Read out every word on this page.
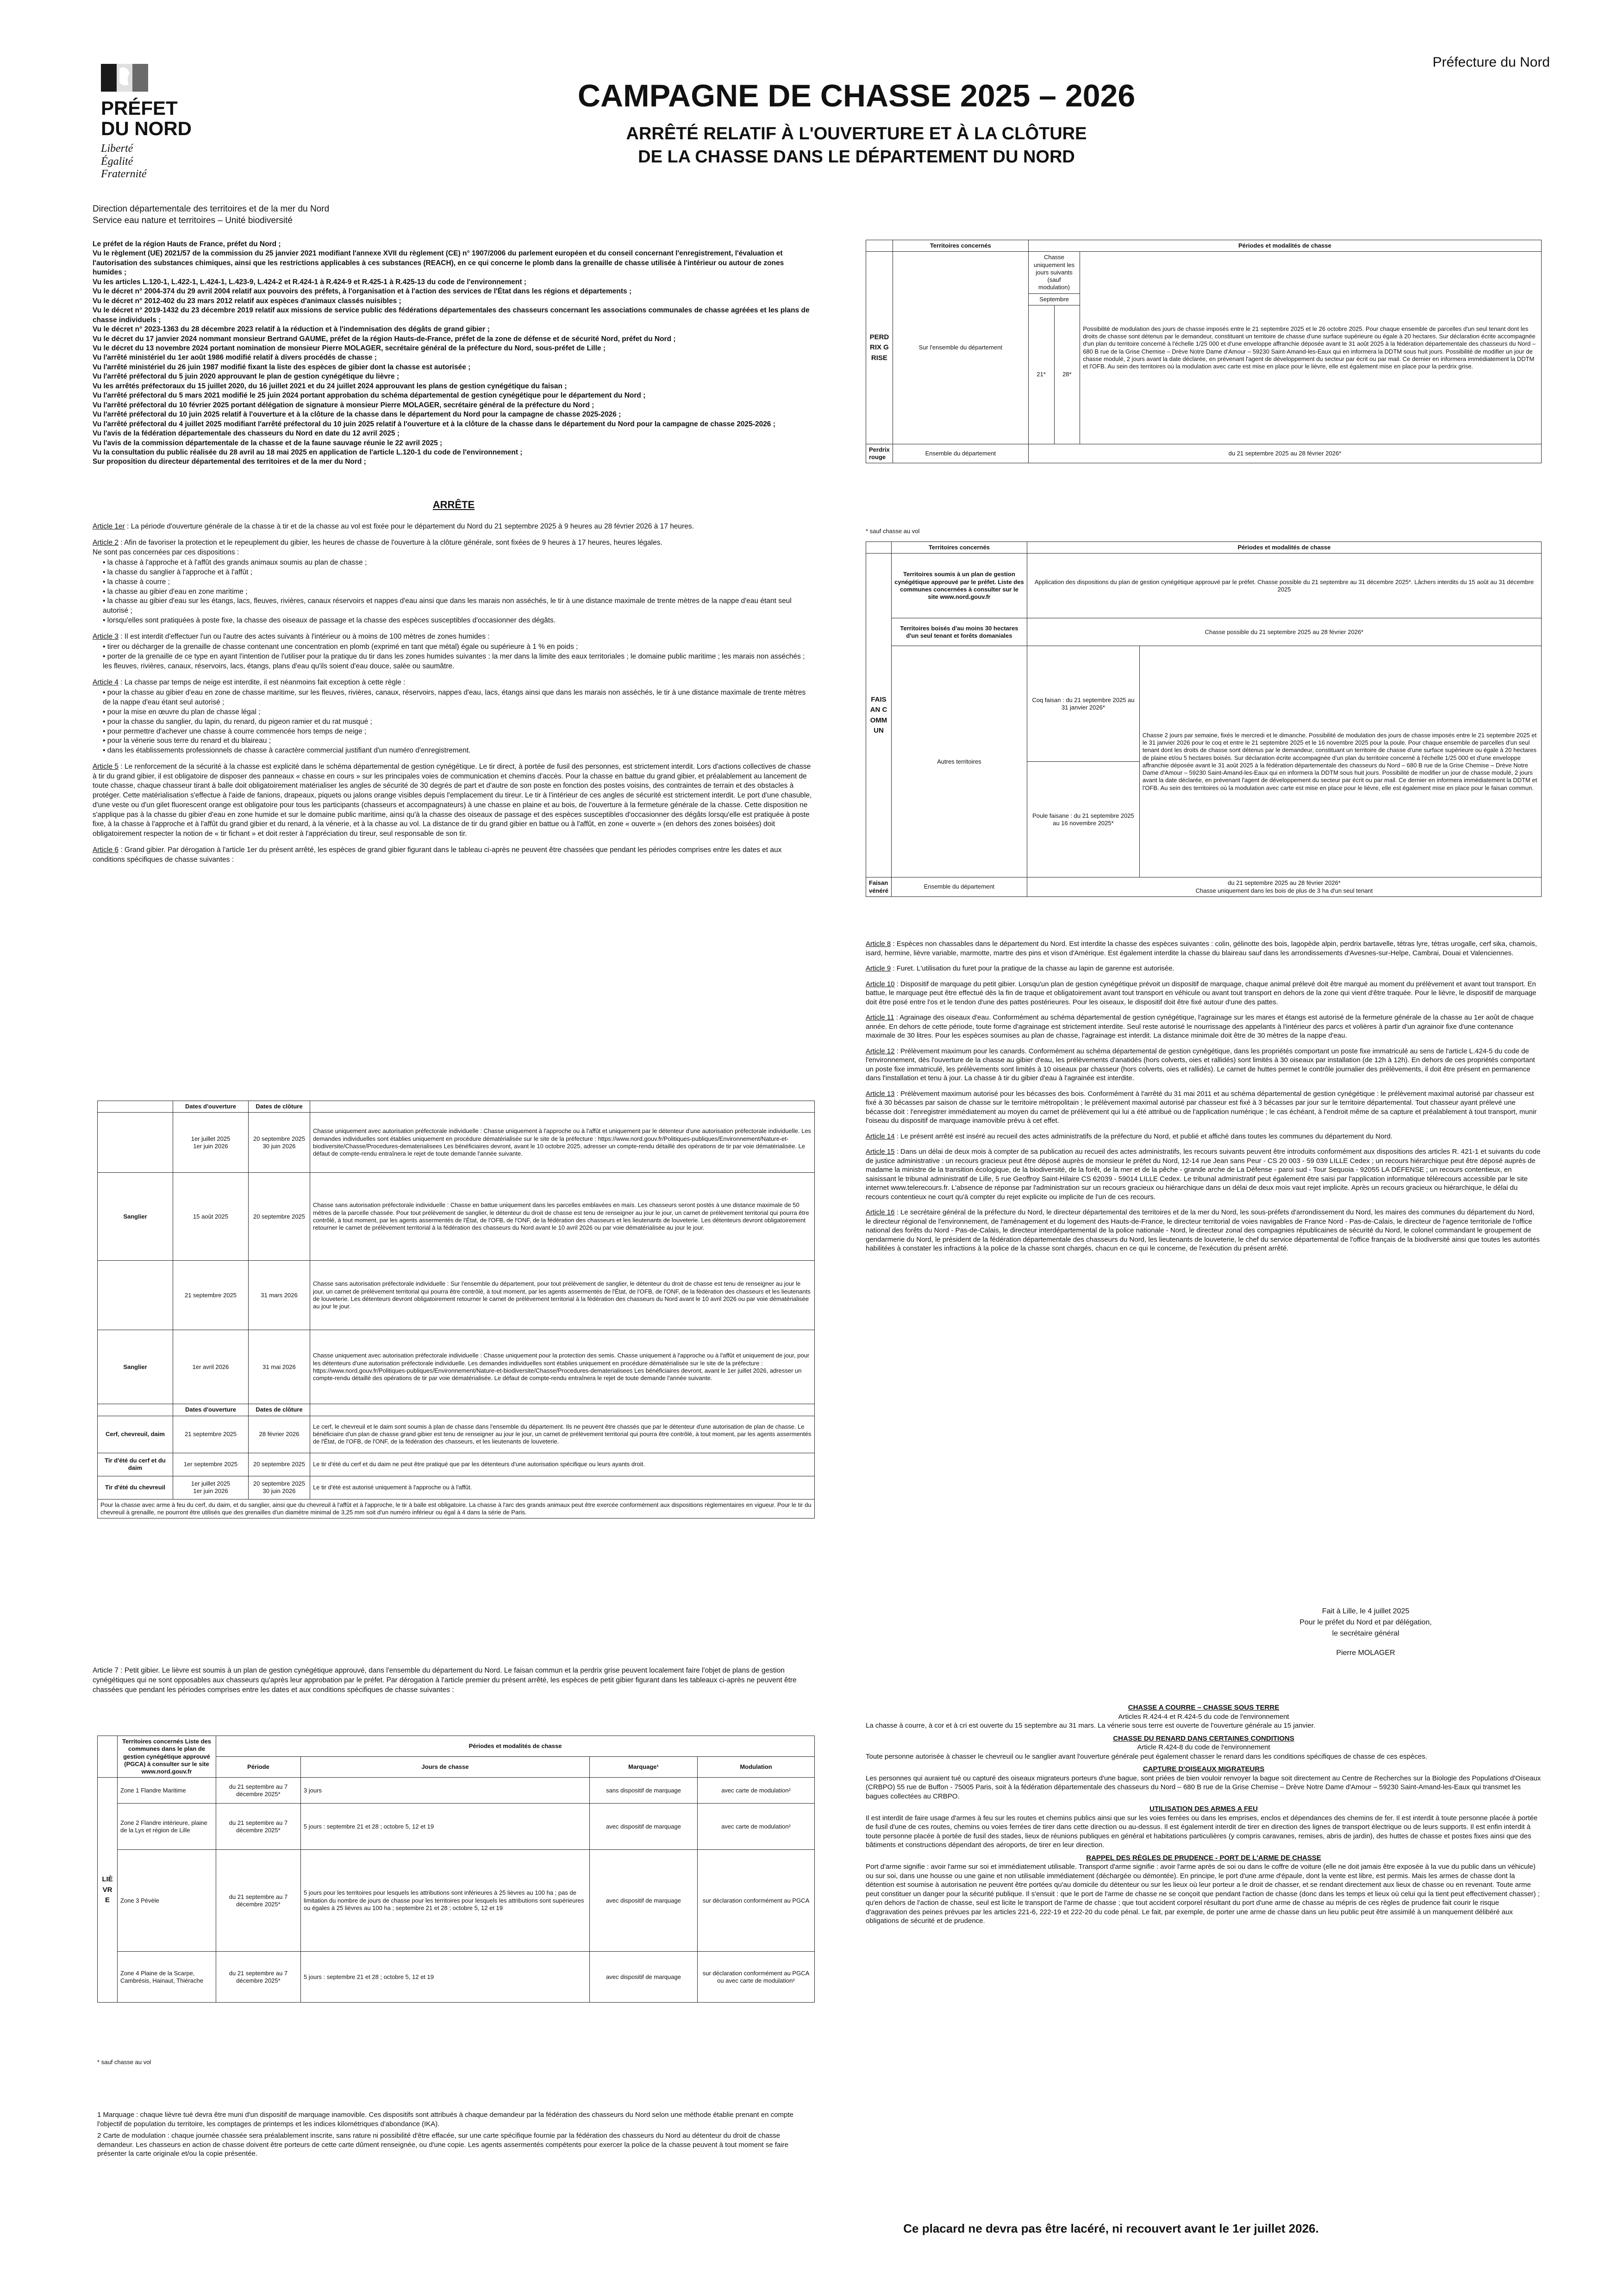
Préfecture du Nord
PRÉFET
DU NORD
Liberté
Égalité
Fraternité
Direction départementale des territoires et de la mer du Nord
Service eau nature et territoires – Unité biodiversité
CAMPAGNE DE CHASSE 2025 – 2026
ARRÊTÉ RELATIF À L'OUVERTURE ET À LA CLÔTURE
DE LA CHASSE DANS LE DÉPARTEMENT DU NORD
Le préfet de la région Hauts de France, préfet du Nord ;
Vu le règlement (UE) 2021/57 de la commission du 25 janvier 2021 modifiant l'annexe XVII du règlement (CE) n° 1907/2006 du parlement européen et du conseil concernant l'enregistrement, l'évaluation et l'autorisation des substances chimiques, ainsi que les restrictions applicables à ces substances (REACH), en ce qui concerne le plomb dans la grenaille de chasse utilisée à l'intérieur ou autour de zones humides ;
Vu les articles L.120-1, L.422-1, L.424-1, L.423-9, L.424-2 et R.424-1 à R.424-9 et R.425-1 à R.425-13 du code de l'environnement ;
Vu le décret n° 2004-374 du 29 avril 2004 relatif aux pouvoirs des préfets, à l'organisation et à l'action des services de l'État dans les régions et départements ;
Vu le décret n° 2012-402 du 23 mars 2012 relatif aux espèces d'animaux classés nuisibles ;
Vu le décret n° 2019-1432 du 23 décembre 2019 relatif aux missions de service public des fédérations départementales des chasseurs concernant les associations communales de chasse agréées et les plans de chasse individuels ;
Vu le décret n° 2023-1363 du 28 décembre 2023 relatif à la réduction et à l'indemnisation des dégâts de grand gibier ;
Vu le décret du 17 janvier 2024 nommant monsieur Bertrand GAUME, préfet de la région Hauts-de-France, préfet de la zone de défense et de sécurité Nord, préfet du Nord ;
Vu le décret du 13 novembre 2024 portant nomination de monsieur Pierre MOLAGER, secrétaire général de la préfecture du Nord, sous-préfet de Lille ;
Vu l'arrêté ministériel du 1er août 1986 modifié relatif à divers procédés de chasse ;
Vu l'arrêté ministériel du 26 juin 1987 modifié fixant la liste des espèces de gibier dont la chasse est autorisée ;
Vu l'arrêté préfectoral du 5 juin 2020 approuvant le plan de gestion cynégétique du lièvre ;
Vu les arrêtés préfectoraux du 15 juillet 2020, du 16 juillet 2021 et du 24 juillet 2024 approuvant les plans de gestion cynégétique du faisan ;
Vu l'arrêté préfectoral du 5 mars 2021 modifié le 25 juin 2024 portant approbation du schéma départemental de gestion cynégétique pour le département du Nord ;
Vu l'arrêté préfectoral du 10 février 2025 portant délégation de signature à monsieur Pierre MOLAGER, secrétaire général de la préfecture du Nord ;
Vu l'arrêté préfectoral du 10 juin 2025 relatif à l'ouverture et à la clôture de la chasse dans le département du Nord pour la campagne de chasse 2025-2026 ;
Vu l'arrêté préfectoral du 4 juillet 2025 modifiant l'arrêté préfectoral du 10 juin 2025 relatif à l'ouverture et à la clôture de la chasse dans le département du Nord pour la campagne de chasse 2025-2026 ;
Vu l'avis de la fédération départementale des chasseurs du Nord en date du 12 avril 2025 ;
Vu l'avis de la commission départementale de la chasse et de la faune sauvage réunie le 22 avril 2025 ;
Vu la consultation du public réalisée du 28 avril au 18 mai 2025 en application de l'article L.120-1 du code de l'environnement ;
Sur proposition du directeur départemental des territoires et de la mer du Nord ;
ARRÊTE
Article 1er : La période d'ouverture générale de la chasse à tir et de la chasse au vol est fixée pour le département du Nord du 21 septembre 2025 à 9 heures au 28 février 2026 à 17 heures.
Article 2 : Afin de favoriser la protection et le repeuplement du gibier, les heures de chasse de l'ouverture à la clôture générale, sont fixées de 9 heures à 17 heures, heures légales.
Ne sont pas concernées par ces dispositions :
• la chasse à l'approche et à l'affût des grands animaux soumis au plan de chasse ;
• la chasse du sanglier à l'approche et à l'affût ;
• la chasse à courre ;
• la chasse au gibier d'eau en zone maritime ;
• la chasse au gibier d'eau sur les étangs, lacs, fleuves, rivières, canaux réservoirs et nappes d'eau ainsi que dans les marais non asséchés, le tir à une distance maximale de trente mètres de la nappe d'eau étant seul autorisé ;
• lorsqu'elles sont pratiquées à poste fixe, la chasse des oiseaux de passage et la chasse des espèces susceptibles d'occasionner des dégâts.
Article 3 : Il est interdit d'effectuer l'un ou l'autre des actes suivants à l'intérieur ou à moins de 100 mètres de zones humides :
• tirer ou décharger de la grenaille de chasse contenant une concentration en plomb (exprimé en tant que métal) égale ou supérieure à 1 % en poids ;
• porter de la grenaille de ce type en ayant l'intention de l'utiliser pour la pratique du tir dans les zones humides suivantes : la mer dans la limite des eaux territoriales ; le domaine public maritime ; les marais non asséchés ; les fleuves, rivières, canaux, réservoirs, lacs, étangs, plans d'eau qu'ils soient d'eau douce, salée ou saumâtre.
Article 4 : La chasse par temps de neige est interdite, il est néanmoins fait exception à cette règle :
• pour la chasse au gibier d'eau en zone de chasse maritime, sur les fleuves, rivières, canaux, réservoirs, nappes d'eau, lacs, étangs ainsi que dans les marais non asséchés, le tir à une distance maximale de trente mètres de la nappe d'eau étant seul autorisé ;
• pour la mise en œuvre du plan de chasse légal ;
• pour la chasse du sanglier, du lapin, du renard, du pigeon ramier et du rat musqué ;
• pour permettre d'achever une chasse à courre commencée hors temps de neige ;
• pour la vénerie sous terre du renard et du blaireau ;
• dans les établissements professionnels de chasse à caractère commercial justifiant d'un numéro d'enregistrement.
Article 5 : Le renforcement de la sécurité à la chasse est explicité dans le schéma départemental de gestion cynégétique. Le tir direct, à portée de fusil des personnes, est strictement interdit. Lors d'actions collectives de chasse à tir du grand gibier, il est obligatoire de disposer des panneaux « chasse en cours » sur les principales voies de communication et chemins d'accès. Pour la chasse en battue du grand gibier, et préalablement au lancement de toute chasse, chaque chasseur tirant à balle doit obligatoirement matérialiser les angles de sécurité de 30 degrés de part et d'autre de son poste en fonction des postes voisins, des contraintes de terrain et des obstacles à protéger. Cette matérialisation s'effectue à l'aide de fanions, drapeaux, piquets ou jalons orange visibles depuis l'emplacement du tireur. Le tir à l'intérieur de ces angles de sécurité est strictement interdit. Le port d'une chasuble, d'une veste ou d'un gilet fluorescent orange est obligatoire pour tous les participants (chasseurs et accompagnateurs) à une chasse en plaine et au bois, de l'ouverture à la fermeture générale de la chasse. Cette disposition ne s'applique pas à la chasse du gibier d'eau en zone humide et sur le domaine public maritime, ainsi qu'à la chasse des oiseaux de passage et des espèces susceptibles d'occasionner des dégâts lorsqu'elle est pratiquée à poste fixe, à la chasse à l'approche et à l'affût du grand gibier et du renard, à la vénerie, et à la chasse au vol. La distance de tir du grand gibier en battue ou à l'affût, en zone « ouverte » (en dehors des zones boisées) doit obligatoirement respecter la notion de « tir fichant » et doit rester à l'appréciation du tireur, seul responsable de son tir.
Article 6 : Grand gibier. Par dérogation à l'article 1er du présent arrêté, les espèces de grand gibier figurant dans le tableau ci-après ne peuvent être chassées que pendant les périodes comprises entre les dates et aux conditions spécifiques de chasse suivantes :
	Dates d'ouverture	Dates de clôture	
	1er juillet 2025
1er juin 2026	20 septembre 2025
30 juin 2026	Chasse uniquement avec autorisation préfectorale individuelle : Chasse uniquement à l'approche ou à l'affût et uniquement par le détenteur d'une autorisation préfectorale individuelle. Les demandes individuelles sont établies uniquement en procédure dématérialisée sur le site de la préfecture : https://www.nord.gouv.fr/Politiques-publiques/Environnement/Nature-et-biodiversite/Chasse/Procedures-dematerialisees Les bénéficiaires devront, avant le 10 octobre 2025, adresser un compte-rendu détaillé des opérations de tir par voie dématérialisée. Le défaut de compte-rendu entraînera le rejet de toute demande l'année suivante.
Sanglier	15 août 2025	20 septembre 2025	Chasse sans autorisation préfectorale individuelle : Chasse en battue uniquement dans les parcelles emblavées en maïs. Les chasseurs seront postés à une distance maximale de 50 mètres de la parcelle chassée. Pour tout prélèvement de sanglier, le détenteur du droit de chasse est tenu de renseigner au jour le jour, un carnet de prélèvement territorial qui pourra être contrôlé, à tout moment, par les agents assermentés de l'État, de l'OFB, de l'ONF, de la fédération des chasseurs et les lieutenants de louveterie. Les détenteurs devront obligatoirement retourner le carnet de prélèvement territorial à la fédération des chasseurs du Nord avant le 10 avril 2026 ou par voie dématérialisée au jour le jour.
	21 septembre 2025	31 mars 2026	Chasse sans autorisation préfectorale individuelle : Sur l'ensemble du département, pour tout prélèvement de sanglier, le détenteur du droit de chasse est tenu de renseigner au jour le jour, un carnet de prélèvement territorial qui pourra être contrôlé, à tout moment, par les agents assermentés de l'État, de l'OFB, de l'ONF, de la fédération des chasseurs et les lieutenants de louveterie. Les détenteurs devront obligatoirement retourner le carnet de prélèvement territorial à la fédération des chasseurs du Nord avant le 10 avril 2026 ou par voie dématérialisée au jour le jour.
Sanglier	1er avril 2026	31 mai 2026	Chasse uniquement avec autorisation préfectorale individuelle : Chasse uniquement pour la protection des semis. Chasse uniquement à l'approche ou à l'affût et uniquement de jour, pour les détenteurs d'une autorisation préfectorale individuelle. Les demandes individuelles sont établies uniquement en procédure dématérialisée sur le site de la préfecture : https://www.nord.gouv.fr/Politiques-publiques/Environnement/Nature-et-biodiversite/Chasse/Procedures-dematerialisees Les bénéficiaires devront, avant le 1er juillet 2026, adresser un compte-rendu détaillé des opérations de tir par voie dématérialisée. Le défaut de compte-rendu entraînera le rejet de toute demande l'année suivante.
	Dates d'ouverture	Dates de clôture	
Cerf, chevreuil, daim	21 septembre 2025	28 février 2026	Le cerf, le chevreuil et le daim sont soumis à plan de chasse dans l'ensemble du département. Ils ne peuvent être chassés que par le détenteur d'une autorisation de plan de chasse. Le bénéficiaire d'un plan de chasse grand gibier est tenu de renseigner au jour le jour, un carnet de prélèvement territorial qui pourra être contrôlé, à tout moment, par les agents assermentés de l'État, de l'OFB, de l'ONF, de la fédération des chasseurs, et les lieutenants de louveterie.
Tir d'été du cerf et du daim	1er septembre 2025	20 septembre 2025	Le tir d'été du cerf et du daim ne peut être pratiqué que par les détenteurs d'une autorisation spécifique ou leurs ayants droit.
Tir d'été du chevreuil	1er juillet 2025
1er juin 2026	20 septembre 2025
30 juin 2026	Le tir d'été est autorisé uniquement à l'approche ou à l'affût.
Pour la chasse avec arme à feu du cerf, du daim, et du sanglier, ainsi que du chevreuil à l'affût et à l'approche, le tir à balle est obligatoire. La chasse à l'arc des grands animaux peut être exercée conformément aux dispositions réglementaires en vigueur. Pour le tir du chevreuil à grenaille, ne pourront être utilisés que des grenailles d'un diamètre minimal de 3,25 mm soit d'un numéro inférieur ou égal à 4 dans la série de Paris.			
Article 7 : Petit gibier. Le lièvre est soumis à un plan de gestion cynégétique approuvé, dans l'ensemble du département du Nord. Le faisan commun et la perdrix grise peuvent localement faire l'objet de plans de gestion cynégétiques qui ne sont opposables aux chasseurs qu'après leur approbation par le préfet. Par dérogation à l'article premier du présent arrêté, les espèces de petit gibier figurant dans les tableaux ci-après ne peuvent être chassées que pendant les périodes comprises entre les dates et aux conditions spécifiques de chasse suivantes :
	Territoires concernés Liste des communes dans le plan de gestion cynégétique approuvé (PGCA) à consulter sur le site www.nord.gouv.fr	Périodes et modalités de chasse			
		Période	Jours de chasse	Marquage¹	Modulation
LIÈVRE	Zone 1 Flandre Maritime	du 21 septembre au 7 décembre 2025*	3 jours	sans dispositif de marquage	avec carte de modulation²
	Zone 2 Flandre intérieure, plaine de la Lys et région de Lille	du 21 septembre au 7 décembre 2025*	5 jours : septembre 21 et 28 ; octobre 5, 12 et 19	avec dispositif de marquage	avec carte de modulation²
	Zone 3 Pévèle	du 21 septembre au 7 décembre 2025*	5 jours pour les territoires pour lesquels les attributions sont inférieures à 25 lièvres au 100 ha ; pas de limitation du nombre de jours de chasse pour les territoires pour lesquels les attributions sont supérieures ou égales à 25 lièvres au 100 ha ; septembre 21 et 28 ; octobre 5, 12 et 19	avec dispositif de marquage	sur déclaration conformément au PGCA
	Zone 4 Plaine de la Scarpe, Cambrésis, Hainaut, Thiérache	du 21 septembre au 7 décembre 2025*	5 jours : septembre 21 et 28 ; octobre 5, 12 et 19	avec dispositif de marquage	sur déclaration conformément au PGCA ou avec carte de modulation²
* sauf chasse au vol
1 Marquage : chaque lièvre tué devra être muni d'un dispositif de marquage inamovible. Ces dispositifs sont attribués à chaque demandeur par la fédération des chasseurs du Nord selon une méthode établie prenant en compte l'objectif de population du territoire, les comptages de printemps et les indices kilométriques d'abondance (IKA).
2 Carte de modulation : chaque journée chassée sera préalablement inscrite, sans rature ni possibilité d'être effacée, sur une carte spécifique fournie par la fédération des chasseurs du Nord au détenteur du droit de chasse demandeur. Les chasseurs en action de chasse doivent être porteurs de cette carte dûment renseignée, ou d'une copie. Les agents assermentés compétents pour exercer la police de la chasse peuvent à tout moment se faire présenter la carte originale et/ou la copie présentée.
	Territoires concernés	Périodes et modalités de chasse		
PERDRIX GRISE	Sur l'ensemble du département	Chasse uniquement les jours suivants (sauf modulation)		Possibilité de modulation des jours de chasse imposés entre le 21 septembre 2025 et le 26 octobre 2025. Pour chaque ensemble de parcelles d'un seul tenant dont les droits de chasse sont détenus par le demandeur, constituant un territoire de chasse d'une surface supérieure ou égale à 20 hectares. Sur déclaration écrite accompagnée d'un plan du territoire concerné à l'échelle 1/25 000 et d'une enveloppe affranchie déposée avant le 31 août 2025 à la fédération départementale des chasseurs du Nord – 680 B rue de la Grise Chemise – Drève Notre Dame d'Amour – 59230 Saint-Amand-les-Eaux qui en informera la DDTM sous huit jours. Possibilité de modifier un jour de chasse modulé, 2 jours avant la date déclarée, en prévenant l'agent de développement du secteur par écrit ou par mail. Ce dernier en informera immédiatement la DDTM et l'OFB. Au sein des territoires où la modulation avec carte est mise en place pour le lièvre, elle est également mise en place pour la perdrix grise.
		Septembre		
		21*	28*	
Perdrix rouge	Ensemble du département	du 21 septembre 2025 au 28 février 2026*		
* sauf chasse au vol
	Territoires concernés	Périodes et modalités de chasse	
FAISAN COMMUN	Territoires soumis à un plan de gestion cynégétique approuvé par le préfet. Liste des communes concernées à consulter sur le site www.nord.gouv.fr	Application des dispositions du plan de gestion cynégétique approuvé par le préfet. Chasse possible du 21 septembre au 31 décembre 2025*. Lâchers interdits du 15 août au 31 décembre 2025	
	Territoires boisés d'au moins 30 hectares d'un seul tenant et forêts domaniales	Chasse possible du 21 septembre 2025 au 28 février 2026*	
	Autres territoires	Coq faisan : du 21 septembre 2025 au 31 janvier 2026*	Chasse 2 jours par semaine, fixés le mercredi et le dimanche. Possibilité de modulation des jours de chasse imposés entre le 21 septembre 2025 et le 31 janvier 2026 pour le coq et entre le 21 septembre 2025 et le 16 novembre 2025 pour la poule. Pour chaque ensemble de parcelles d'un seul tenant dont les droits de chasse sont détenus par le demandeur, constituant un territoire de chasse d'une surface supérieure ou égale à 20 hectares de plaine et/ou 5 hectares boisés. Sur déclaration écrite accompagnée d'un plan du territoire concerné à l'échelle 1/25 000 et d'une enveloppe affranchie déposée avant le 31 août 2025 à la fédération départementale des chasseurs du Nord – 680 B rue de la Grise Chemise – Drève Notre Dame d'Amour – 59230 Saint-Amand-les-Eaux qui en informera la DDTM sous huit jours. Possibilité de modifier un jour de chasse modulé, 2 jours avant la date déclarée, en prévenant l'agent de développement du secteur par écrit ou par mail. Ce dernier en informera immédiatement la DDTM et l'OFB. Au sein des territoires où la modulation avec carte est mise en place pour le lièvre, elle est également mise en place pour le faisan commun.
		Poule faisane : du 21 septembre 2025 au 16 novembre 2025*	
Faisan vénéré	Ensemble du département	du 21 septembre 2025 au 28 février 2026*
Chasse uniquement dans les bois de plus de 3 ha d'un seul tenant	
Article 8 : Espèces non chassables dans le département du Nord. Est interdite la chasse des espèces suivantes : colin, gélinotte des bois, lagopède alpin, perdrix bartavelle, tétras lyre, tétras urogalle, cerf sika, chamois, isard, hermine, lièvre variable, marmotte, martre des pins et vison d'Amérique. Est également interdite la chasse du blaireau sauf dans les arrondissements d'Avesnes-sur-Helpe, Cambrai, Douai et Valenciennes.
Article 9 : Furet. L'utilisation du furet pour la pratique de la chasse au lapin de garenne est autorisée.
Article 10 : Dispositif de marquage du petit gibier. Lorsqu'un plan de gestion cynégétique prévoit un dispositif de marquage, chaque animal prélevé doit être marqué au moment du prélèvement et avant tout transport. En battue, le marquage peut être effectué dès la fin de traque et obligatoirement avant tout transport en véhicule ou avant tout transport en dehors de la zone qui vient d'être traquée. Pour le lièvre, le dispositif de marquage doit être posé entre l'os et le tendon d'une des pattes postérieures. Pour les oiseaux, le dispositif doit être fixé autour d'une des pattes.
Article 11 : Agrainage des oiseaux d'eau. Conformément au schéma départemental de gestion cynégétique, l'agrainage sur les mares et étangs est autorisé de la fermeture générale de la chasse au 1er août de chaque année. En dehors de cette période, toute forme d'agrainage est strictement interdite. Seul reste autorisé le nourrissage des appelants à l'intérieur des parcs et volières à partir d'un agrainoir fixe d'une contenance maximale de 30 litres. Pour les espèces soumises au plan de chasse, l'agrainage est interdit. La distance minimale doit être de 30 mètres de la nappe d'eau.
Article 12 : Prélèvement maximum pour les canards. Conformément au schéma départemental de gestion cynégétique, dans les propriétés comportant un poste fixe immatriculé au sens de l'article L.424-5 du code de l'environnement, dès l'ouverture de la chasse au gibier d'eau, les prélèvements d'anatidés (hors colverts, oies et rallidés) sont limités à 30 oiseaux par installation (de 12h à 12h). En dehors de ces propriétés comportant un poste fixe immatriculé, les prélèvements sont limités à 10 oiseaux par chasseur (hors colverts, oies et rallidés). Le carnet de huttes permet le contrôle journalier des prélèvements, il doit être présent en permanence dans l'installation et tenu à jour. La chasse à tir du gibier d'eau à l'agrainée est interdite.
Article 13 : Prélèvement maximum autorisé pour les bécasses des bois. Conformément à l'arrêté du 31 mai 2011 et au schéma départemental de gestion cynégétique : le prélèvement maximal autorisé par chasseur est fixé à 30 bécasses par saison de chasse sur le territoire métropolitain ; le prélèvement maximal autorisé par chasseur est fixé à 3 bécasses par jour sur le territoire départemental. Tout chasseur ayant prélevé une bécasse doit : l'enregistrer immédiatement au moyen du carnet de prélèvement qui lui a été attribué ou de l'application numérique ; le cas échéant, à l'endroit même de sa capture et préalablement à tout transport, munir l'oiseau du dispositif de marquage inamovible prévu à cet effet.
Article 14 : Le présent arrêté est inséré au recueil des actes administratifs de la préfecture du Nord, et publié et affiché dans toutes les communes du département du Nord.
Article 15 : Dans un délai de deux mois à compter de sa publication au recueil des actes administratifs, les recours suivants peuvent être introduits conformément aux dispositions des articles R. 421-1 et suivants du code de justice administrative : un recours gracieux peut être déposé auprès de monsieur le préfet du Nord, 12-14 rue Jean sans Peur - CS 20 003 - 59 039 LILLE Cedex ; un recours hiérarchique peut être déposé auprès de madame la ministre de la transition écologique, de la biodiversité, de la forêt, de la mer et de la pêche - grande arche de La Défense - paroi sud - Tour Sequoia - 92055 LA DÉFENSE ; un recours contentieux, en saisissant le tribunal administratif de Lille, 5 rue Geoffroy Saint-Hilaire CS 62039 - 59014 LILLE Cedex. Le tribunal administratif peut également être saisi par l'application informatique télérecours accessible par le site internet www.telerecours.fr. L'absence de réponse par l'administration sur un recours gracieux ou hiérarchique dans un délai de deux mois vaut rejet implicite. Après un recours gracieux ou hiérarchique, le délai du recours contentieux ne court qu'à compter du rejet explicite ou implicite de l'un de ces recours.
Article 16 : Le secrétaire général de la préfecture du Nord, le directeur départemental des territoires et de la mer du Nord, les sous-préfets d'arrondissement du Nord, les maires des communes du département du Nord, le directeur régional de l'environnement, de l'aménagement et du logement des Hauts-de-France, le directeur territorial de voies navigables de France Nord - Pas-de-Calais, le directeur de l'agence territoriale de l'office national des forêts du Nord - Pas-de-Calais, le directeur interdépartemental de la police nationale - Nord, le directeur zonal des compagnies républicaines de sécurité du Nord, le colonel commandant le groupement de gendarmerie du Nord, le président de la fédération départementale des chasseurs du Nord, les lieutenants de louveterie, le chef du service départemental de l'office français de la biodiversité ainsi que toutes les autorités habilitées à constater les infractions à la police de la chasse sont chargés, chacun en ce qui le concerne, de l'exécution du présent arrêté.
Fait à Lille, le 4 juillet 2025
Pour le préfet du Nord et par délégation,
le secrétaire général
Pierre MOLAGER
CHASSE A COURRE – CHASSE SOUS TERRE
Articles R.424-4 et R.424-5 du code de l'environnement
La chasse à courre, à cor et à cri est ouverte du 15 septembre au 31 mars. La vénerie sous terre est ouverte de l'ouverture générale au 15 janvier.
CHASSE DU RENARD DANS CERTAINES CONDITIONS
Article R.424-8 du code de l'environnement
Toute personne autorisée à chasser le chevreuil ou le sanglier avant l'ouverture générale peut également chasser le renard dans les conditions spécifiques de chasse de ces espèces.
CAPTURE D'OISEAUX MIGRATEURS
Les personnes qui auraient tué ou capturé des oiseaux migrateurs porteurs d'une bague, sont priées de bien vouloir renvoyer la bague soit directement au Centre de Recherches sur la Biologie des Populations d'Oiseaux (CRBPO) 55 rue de Buffon - 75005 Paris, soit à la fédération départementale des chasseurs du Nord – 680 B rue de la Grise Chemise – Drève Notre Dame d'Amour – 59230 Saint-Amand-les-Eaux qui transmet les bagues collectées au CRBPO.
UTILISATION DES ARMES A FEU
Il est interdit de faire usage d'armes à feu sur les routes et chemins publics ainsi que sur les voies ferrées ou dans les emprises, enclos et dépendances des chemins de fer. Il est interdit à toute personne placée à portée de fusil d'une de ces routes, chemins ou voies ferrées de tirer dans cette direction ou au-dessus. Il est également interdit de tirer en direction des lignes de transport électrique ou de leurs supports. Il est enfin interdit à toute personne placée à portée de fusil des stades, lieux de réunions publiques en général et habitations particulières (y compris caravanes, remises, abris de jardin), des huttes de chasse et postes fixes ainsi que des bâtiments et constructions dépendant des aéroports, de tirer en leur direction.
RAPPEL DES RÈGLES DE PRUDENCE - PORT DE L'ARME DE CHASSE
Port d'arme signifie : avoir l'arme sur soi et immédiatement utilisable. Transport d'arme signifie : avoir l'arme après de soi ou dans le coffre de voiture (elle ne doit jamais être exposée à la vue du public dans un véhicule) ou sur soi, dans une housse ou une gaine et non utilisable immédiatement (déchargée ou démontée). En principe, le port d'une arme d'épaule, dont la vente est libre, est permis. Mais les armes de chasse dont la détention est soumise à autorisation ne peuvent être portées qu'au domicile du détenteur ou sur les lieux où leur porteur a le droit de chasser, et se rendant directement aux lieux de chasse ou en revenant. Toute arme peut constituer un danger pour la sécurité publique. Il s'ensuit : que le port de l'arme de chasse ne se conçoit que pendant l'action de chasse (donc dans les temps et lieux où celui qui la tient peut effectivement chasser) ; qu'en dehors de l'action de chasse, seul est licite le transport de l'arme de chasse ; que tout accident corporel résultant du port d'une arme de chasse au mépris de ces règles de prudence fait courir le risque d'aggravation des peines prévues par les articles 221-6, 222-19 et 222-20 du code pénal. Le fait, par exemple, de porter une arme de chasse dans un lieu public peut être assimilé à un manquement délibéré aux obligations de sécurité et de prudence.
Ce placard ne devra pas être lacéré, ni recouvert avant le 1er juillet 2026.
